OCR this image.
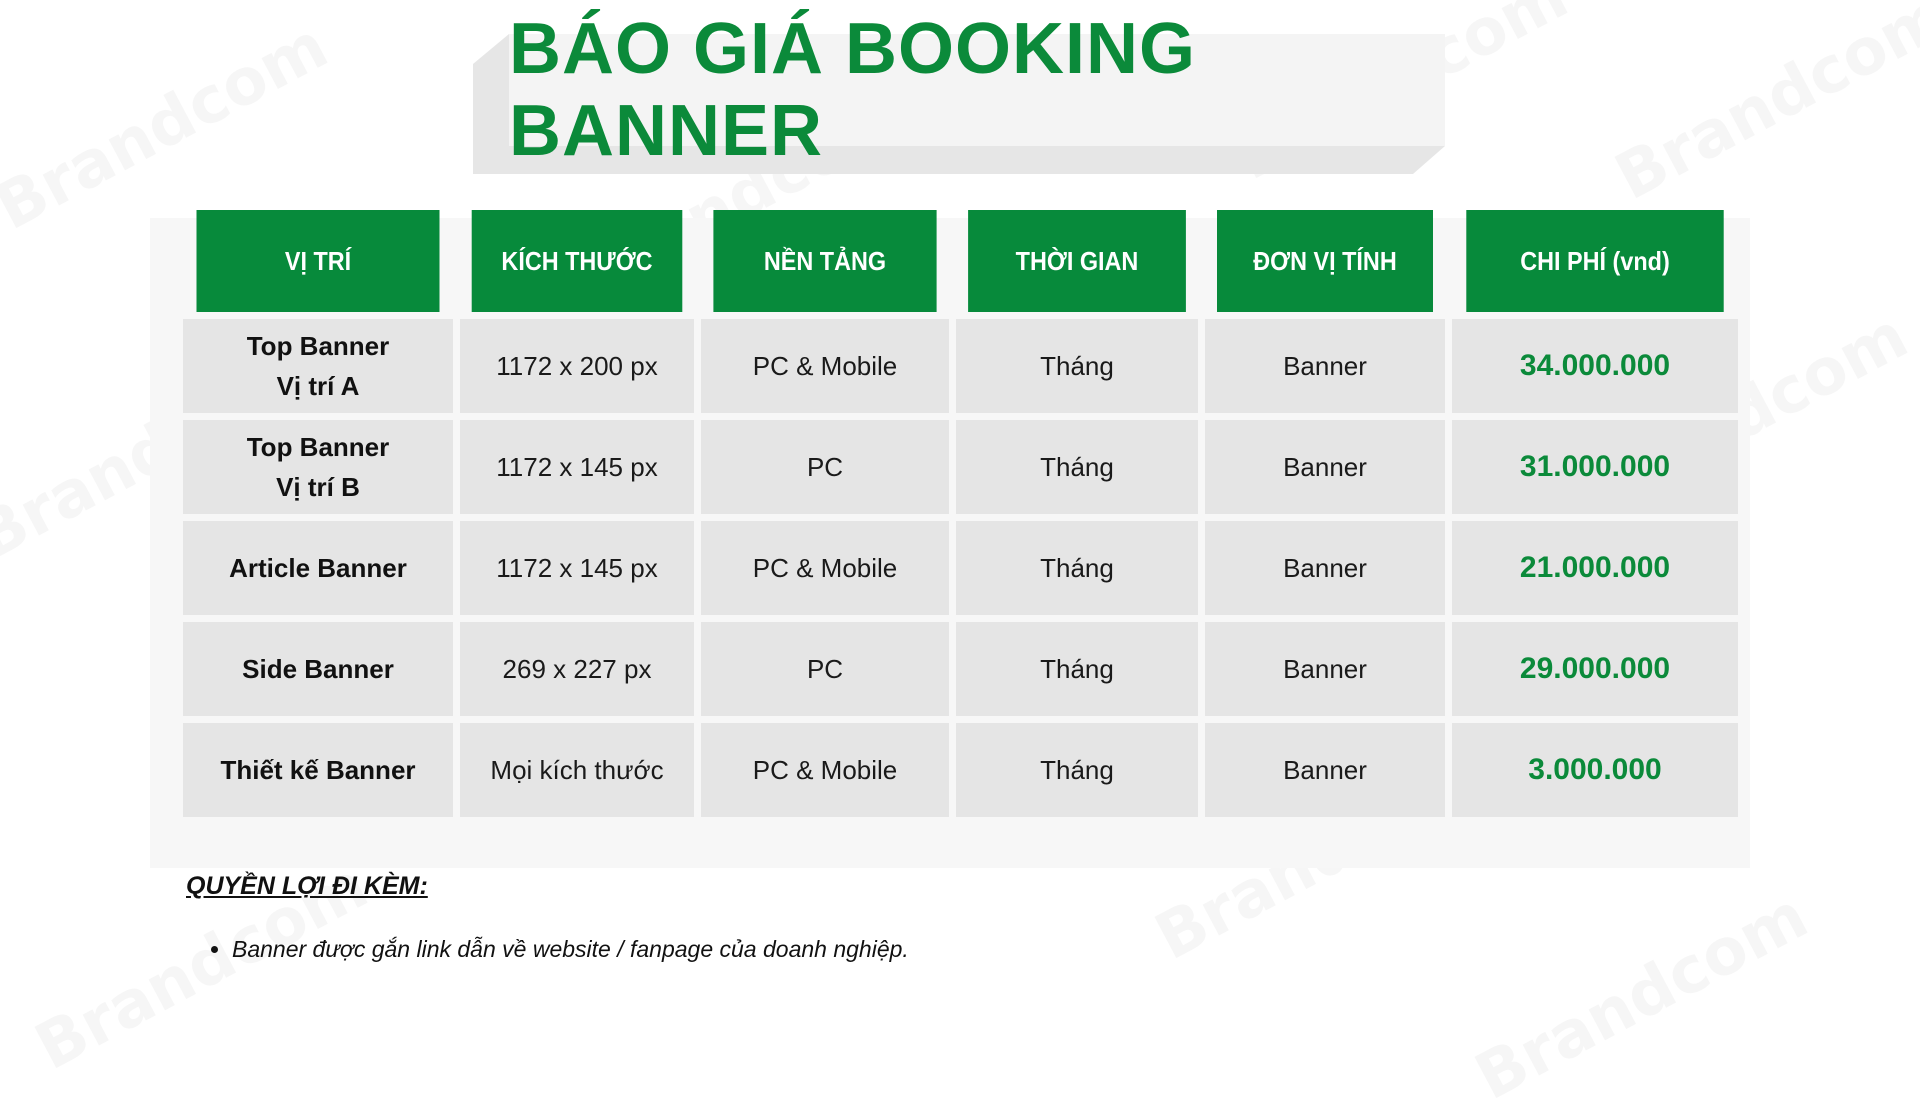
BÁO GIÁ BOOKING BANNER
VỊ TRÍ	KÍCH THƯỚC	NỀN TẢNG	THỜI GIAN	ĐƠN VỊ TÍNH	CHI PHÍ (vnd)

Top Banner
Vị trí A	1172 x 200 px	PC & Mobile	Tháng	Banner	34.000.000

Top Banner
Vị trí B	1172 x 145 px	PC	Tháng	Banner	31.000.000

Article Banner	1172 x 145 px	PC & Mobile	Tháng	Banner	21.000.000

Side Banner	269 x 227 px	PC	Tháng	Banner	29.000.000

Thiết kế Banner	Mọi kích thước	PC & Mobile	Tháng	Banner	3.000.000

QUYỀN LỢI ĐI KÈM:

• Banner được gắn link dẫn về website / fanpage của doanh nghiệp.
